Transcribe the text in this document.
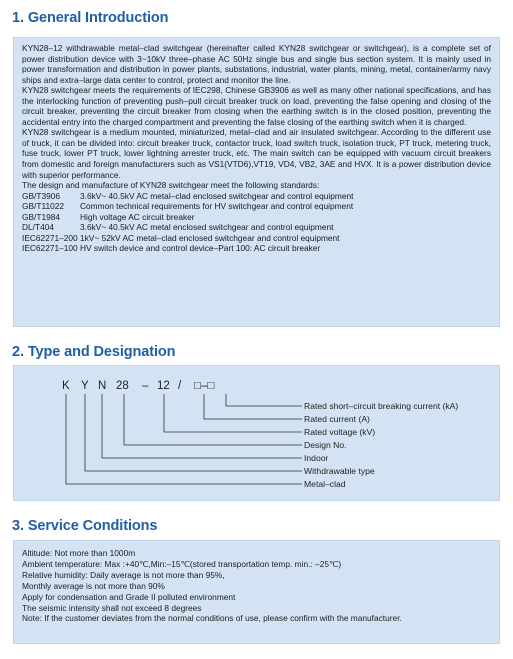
1. General Introduction
KYN28–12 withdrawable metal–clad switchgear (hereinafter called KYN28 switchgear or switchgear), is a complete set of power distribution device with 3~10kV three–phase AC 50Hz single bus and single bus section system. It is mainly used in power transformation and distribution in power plants, substations, industrial, water plants, mining, metal, container/army navy ships and extra–large data center to control, protect and monitor the line.
KYN28 switchgear meets the requirements of IEC298, Chinese GB3906 as well as many other national specifications, and has the interlocking function of preventing push–pull circuit breaker truck on load, preventing the false opening and closing of the circuit breaker, preventing the circuit breaker from closing when the earthing switch is in the closed position, preventing the accidental entry into the charged compartment and preventing the false closing of the earthing switch when it is charged.
KYN28 switchgear is a medium mounted, miniaturized, metal–clad and air insulated switchgear. According to the different use of truck, it can be divided into: circuit breaker truck, contactor truck, load switch truck, isolation truck, PT truck, metering truck, fuse truck, lower PT truck, lower lightning arrester truck, etc. The main switch can be equipped with vacuum circuit breakers from domestic and foreign manufacturers such as VS1(VTD6),VT19, VD4, VB2, 3AE and HVX. It is a power distribution device with superior performance.
The design and manufacture of KYN28 switchgear meet the following standards:
GB/T3906	3.6kV~ 40.5kV AC metal–clad enclosed switchgear and control equipment
GB/T11022	Common technical requirements for HV switchgear and control equipment
GB/T1984	High voltage AC circuit breaker
DL/T404	3.6kV~ 40.5kV AC metal enclosed switchgear and control equipment
IEC62271–200 1kV~ 52kV AC metal–clad enclosed switchgear and control equipment
IEC62271–100 HV switch device and control device–Part 100: AC circuit breaker
2. Type and Designation
K Y N 28 – 12 / □–□
Rated short–circuit breaking current (kA)
Rated current (A)
Rated voltage (kV)
Design No.
Indoor
Withdrawable type
Metal–clad
3. Service Conditions
Altitude: Not more than 1000m
Ambient temperature: Max :+40℃,Min:–15℃(stored transportation temp. min.: –25℃)
Relative humidity: Daily average is not more than 95%,
Monthly average is not more than 90%
Apply for condensation and Grade II polluted environment
The seismic intensity shall not exceed 8 degrees
Note: If the customer deviates from the normal conditions of use, please confirm with the manufacturer.
